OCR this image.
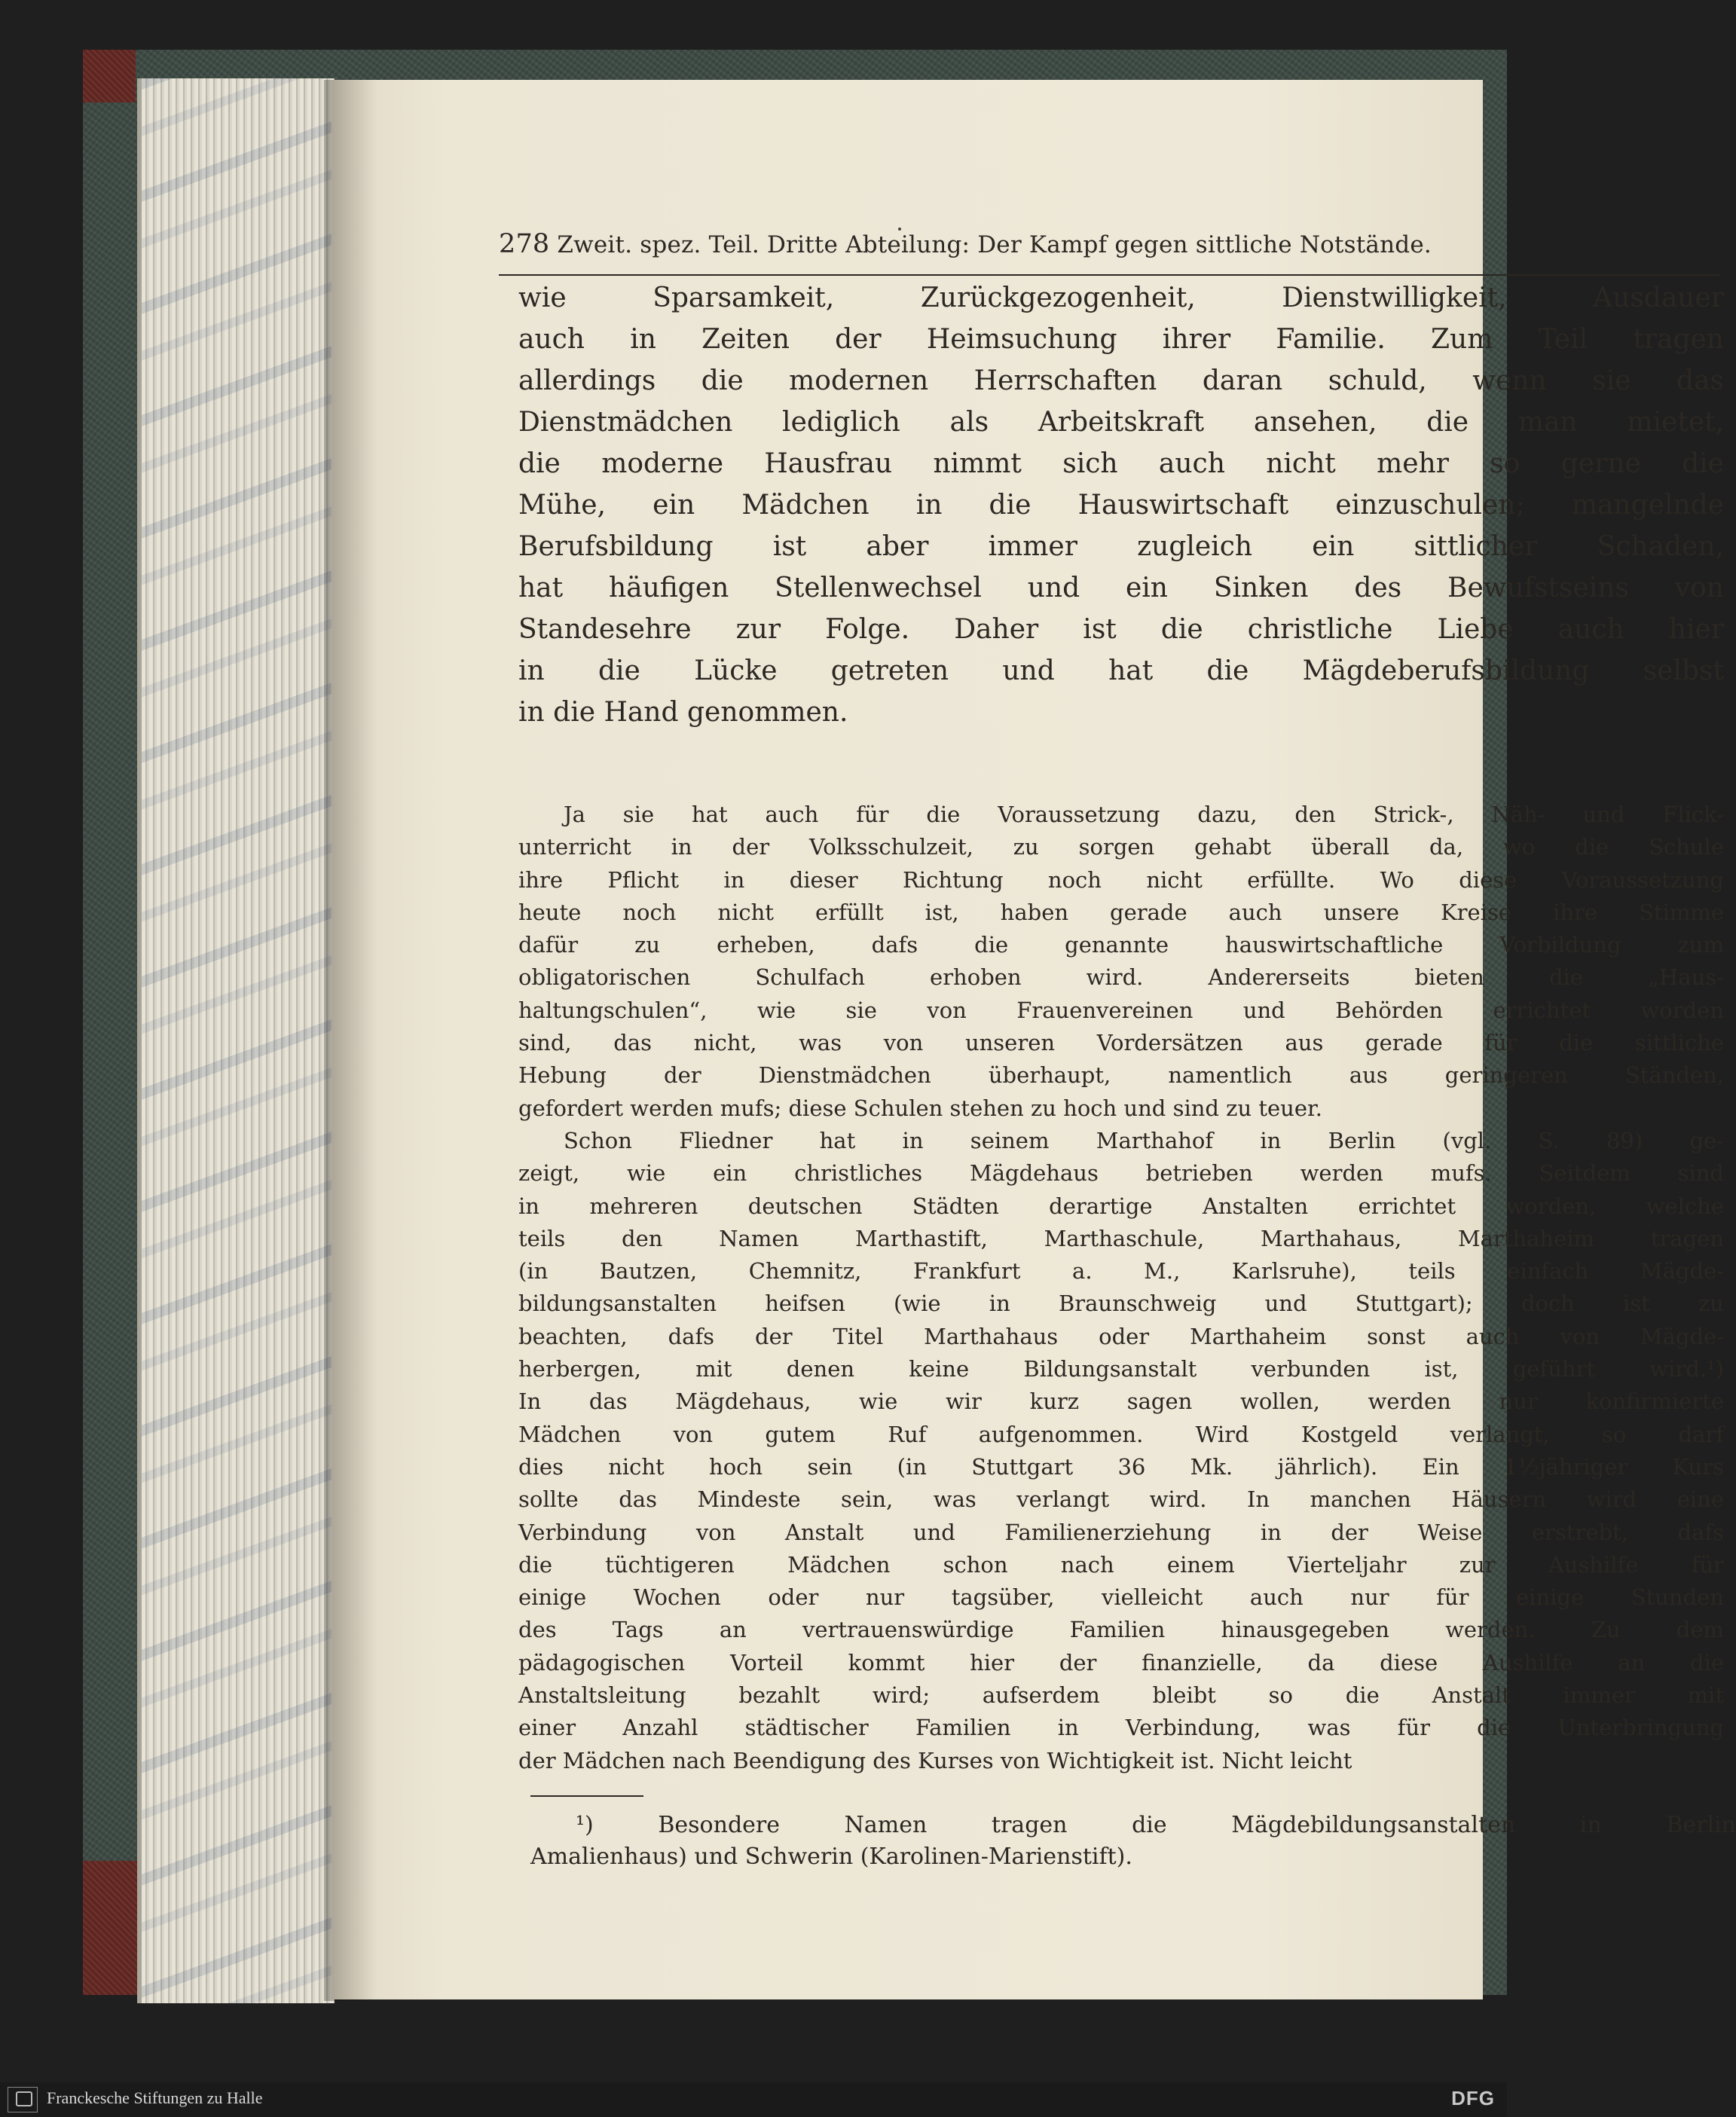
278 Zweit. spez. Teil. Dritte Abteilung: Der Kampf gegen sittliche Notstände.
wie Sparsamkeit, Zurückgezogenheit, Dienstwilligkeit, Ausdauer
auch in Zeiten der Heimsuchung ihrer Familie. Zum Teil tragen
allerdings die modernen Herrschaften daran schuld, wenn sie das
Dienstmädchen lediglich als Arbeitskraft ansehen, die man mietet,
die moderne Hausfrau nimmt sich auch nicht mehr so gerne die
Mühe, ein Mädchen in die Hauswirtschaft einzuschulen; mangelnde
Berufsbildung ist aber immer zugleich ein sittlicher Schaden,
hat häufigen Stellenwechsel und ein Sinken des Bewufstseins von
Standesehre zur Folge. Daher ist die christliche Liebe auch hier
in die Lücke getreten und hat die Mägdeberufsbildung selbst
in die Hand genommen.
Ja sie hat auch für die Voraussetzung dazu, den Strick-, Näh- und Flick-
unterricht in der Volksschulzeit, zu sorgen gehabt überall da, wo die Schule
ihre Pflicht in dieser Richtung noch nicht erfüllte. Wo diese Voraussetzung
heute noch nicht erfüllt ist, haben gerade auch unsere Kreise ihre Stimme
dafür zu erheben, dafs die genannte hauswirtschaftliche Vorbildung zum
obligatorischen Schulfach erhoben wird. Andererseits bieten die „Haus-
haltungschulen“, wie sie von Frauenvereinen und Behörden errichtet worden
sind, das nicht, was von unseren Vordersätzen aus gerade für die sittliche
Hebung der Dienstmädchen überhaupt, namentlich aus geringeren Ständen,
gefordert werden mufs; diese Schulen stehen zu hoch und sind zu teuer.
Schon Fliedner hat in seinem Marthahof in Berlin (vgl. S. 89) ge-
zeigt, wie ein christliches Mägdehaus betrieben werden mufs. Seitdem sind
in mehreren deutschen Städten derartige Anstalten errichtet worden, welche
teils den Namen Marthastift, Marthaschule, Marthahaus, Marthaheim tragen
(in Bautzen, Chemnitz, Frankfurt a. M., Karlsruhe), teils einfach Mägde-
bildungsanstalten heifsen (wie in Braunschweig und Stuttgart); doch ist zu
beachten, dafs der Titel Marthahaus oder Marthaheim sonst auch von Mägde-
herbergen, mit denen keine Bildungsanstalt verbunden ist, geführt wird.¹)
In das Mägdehaus, wie wir kurz sagen wollen, werden nur konfirmierte
Mädchen von gutem Ruf aufgenommen. Wird Kostgeld verlangt, so darf
dies nicht hoch sein (in Stuttgart 36 Mk. jährlich). Ein 1½jähriger Kurs
sollte das Mindeste sein, was verlangt wird. In manchen Häusern wird eine
Verbindung von Anstalt und Familienerziehung in der Weise erstrebt, dafs
die tüchtigeren Mädchen schon nach einem Vierteljahr zur Aushilfe für
einige Wochen oder nur tagsüber, vielleicht auch nur für einige Stunden
des Tags an vertrauenswürdige Familien hinausgegeben werden. Zu dem
pädagogischen Vorteil kommt hier der finanzielle, da diese Aushilfe an die
Anstaltsleitung bezahlt wird; aufserdem bleibt so die Anstalt immer mit
einer Anzahl städtischer Familien in Verbindung, was für die Unterbringung
der Mädchen nach Beendigung des Kurses von Wichtigkeit ist. Nicht leicht
¹) Besondere Namen tragen die Mägdebildungsanstalten in Berlin
Amalienhaus) und Schwerin (Karolinen-Marienstift).
Franckesche Stiftungen zu Halle	DFG
